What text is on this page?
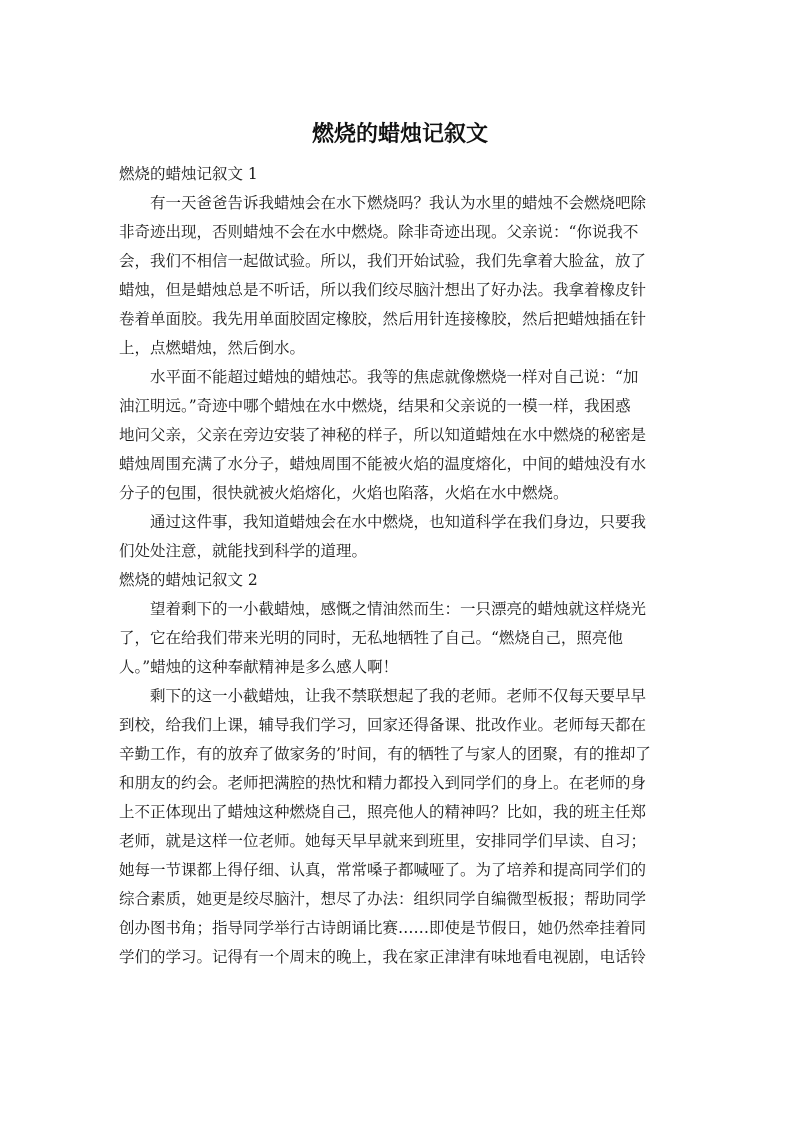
燃烧的蜡烛记叙文
燃烧的蜡烛记叙文 1
有一天爸爸告诉我蜡烛会在水下燃烧吗？我认为水里的蜡烛不会燃烧吧除
非奇迹出现，否则蜡烛不会在水中燃烧。除非奇迹出现。父亲说：“你说我不
会，我们不相信一起做试验。所以，我们开始试验，我们先拿着大脸盆，放了
蜡烛，但是蜡烛总是不听话，所以我们绞尽脑汁想出了好办法。我拿着橡皮针
卷着单面胶。我先用单面胶固定橡胶，然后用针连接橡胶，然后把蜡烛插在针
上，点燃蜡烛，然后倒水。
水平面不能超过蜡烛的蜡烛芯。我等的焦虑就像燃烧一样对自己说：“加
油江明远。”奇迹中哪个蜡烛在水中燃烧，结果和父亲说的一模一样，我困惑
地问父亲，父亲在旁边安装了神秘的样子，所以知道蜡烛在水中燃烧的秘密是
蜡烛周围充满了水分子，蜡烛周围不能被火焰的温度熔化，中间的蜡烛没有水
分子的包围，很快就被火焰熔化，火焰也陷落，火焰在水中燃烧。
通过这件事，我知道蜡烛会在水中燃烧，也知道科学在我们身边，只要我
们处处注意，就能找到科学的道理。
燃烧的蜡烛记叙文 2
望着剩下的一小截蜡烛，感慨之情油然而生：一只漂亮的蜡烛就这样烧光
了，它在给我们带来光明的同时，无私地牺牲了自己。“燃烧自己，照亮他
人。”蜡烛的这种奉献精神是多么感人啊！
剩下的这一小截蜡烛，让我不禁联想起了我的老师。老师不仅每天要早早
到校，给我们上课，辅导我们学习，回家还得备课、批改作业。老师每天都在
辛勤工作，有的放弃了做家务的’时间，有的牺牲了与家人的团聚，有的推却了
和朋友的约会。老师把满腔的热忱和精力都投入到同学们的身上。在老师的身
上不正体现出了蜡烛这种燃烧自己，照亮他人的精神吗？比如，我的班主任郑
老师，就是这样一位老师。她每天早早就来到班里，安排同学们早读、自习；
她每一节课都上得仔细、认真，常常嗓子都喊哑了。为了培养和提高同学们的
综合素质，她更是绞尽脑汁，想尽了办法：组织同学自编微型板报；帮助同学
创办图书角；指导同学举行古诗朗诵比赛……即使是节假日，她仍然牵挂着同
学们的学习。记得有一个周末的晚上，我在家正津津有味地看电视剧，电话铃
